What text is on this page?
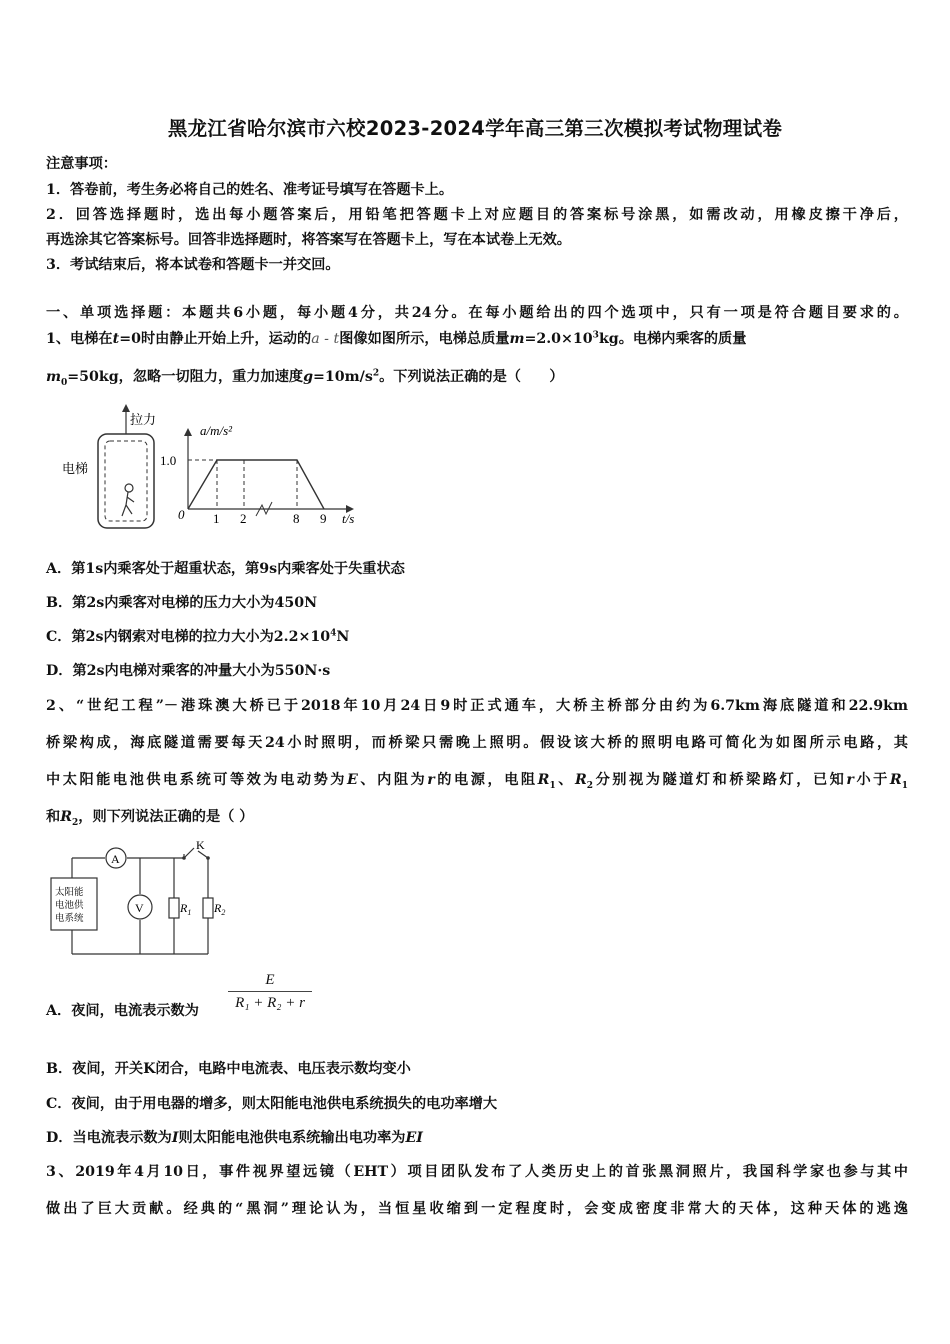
黑龙江省哈尔滨市六校2023-2024学年高三第三次模拟考试物理试卷
注意事项：
1．答卷前，考生务必将自己的姓名、准考证号填写在答题卡上。
2．回答选择题时，选出每小题答案后，用铅笔把答题卡上对应题目的答案标号涂黑，如需改动，用橡皮擦干净后，
再选涂其它答案标号。回答非选择题时，将答案写在答题卡上，写在本试卷上无效。
3．考试结束后，将本试卷和答题卡一并交回。
一、单项选择题：本题共6小题，每小题4分，共24分。在每小题给出的四个选项中，只有一项是符合题目要求的。
1、电梯在t=0时由静止开始上升，运动的a - t图像如图所示，电梯总质量$m=2.0\times 10^3kg$。电梯内乘客的质量
$m_0=50kg$，忽略一切阻力，重力加速度$g=10m/s^2$。下列说法正确的是（　　）
拉力
电梯
a/m/s²
1.0
0 1 2	8 9 t/s
A．第1s内乘客处于超重状态，第9s内乘客处于失重状态
B．第2s内乘客对电梯的压力大小为450N
C．第2s内钢索对电梯的拉力大小为$2.2\times 10^4N$
D．第2s内电梯对乘客的冲量大小为550N·s
2、“世纪工程”－港珠澳大桥已于2018年10月24日9时正式通车，大桥主桥部分由约为6.7km海底隧道和22.9km
桥梁构成，海底隧道需要每天24小时照明，而桥梁只需晚上照明。假设该大桥的照明电路可简化为如图所示电路，其
中太阳能电池供电系统可等效为电动势为E、内阻为r的电源，电阻$R_1$、$R_2$分别视为隧道灯和桥梁路灯，已知r小于$R_1$
和$R_2$，则下列说法正确的是（ ）
太阳能
电池供
电系统
A
V
K
$R_1$ $R_2$
A．夜间，电流表示数为 $\frac{E}{\text{R₁ + R₂ + r}}$
B．夜间，开关K闭合，电路中电流表、电压表示数均变小
C．夜间，由于用电器的增多，则太阳能电池供电系统损失的电功率增大
D．当电流表示数为I则太阳能电池供电系统输出电功率为EI
3、2019年4月10日，事件视界望远镜（EHT）项目团队发布了人类历史上的首张黑洞照片，我国科学家也参与其中
做出了巨大贡献。经典的“黑洞”理论认为，当恒星收缩到一定程度时，会变成密度非常大的天体，这种天体的逃逸
